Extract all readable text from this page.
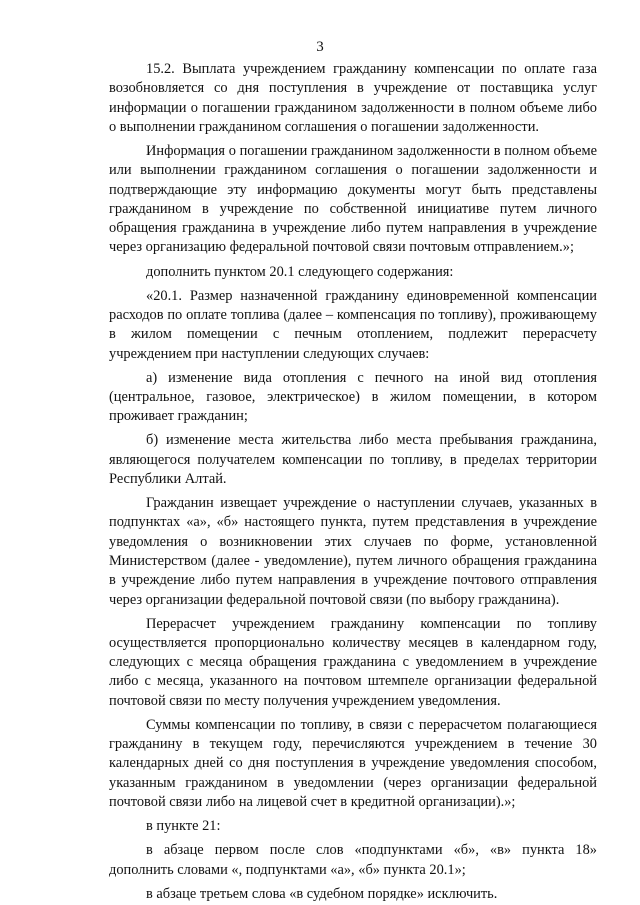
3

15.2. Выплата учреждением гражданину компенсации по оплате газа возобновляется со дня поступления в учреждение от поставщика услуг информации о погашении гражданином задолженности в полном объеме либо о выполнении гражданином соглашения о погашении задолженности.

Информация о погашении гражданином задолженности в полном объеме или выполнении гражданином соглашения о погашении задолженности и подтверждающие эту информацию документы могут быть представлены гражданином в учреждение по собственной инициативе путем личного обращения гражданина в учреждение либо путем направления в учреждение через организацию федеральной почтовой связи почтовым отправлением.»;

дополнить пунктом 20.1 следующего содержания:

«20.1. Размер назначенной гражданину единовременной компенсации расходов по оплате топлива (далее – компенсация по топливу), проживающему в жилом помещении с печным отоплением, подлежит перерасчету учреждением при наступлении следующих случаев:

а) изменение вида отопления с печного на иной вид отопления (центральное, газовое, электрическое) в жилом помещении, в котором проживает гражданин;

б) изменение места жительства либо места пребывания гражданина, являющегося получателем компенсации по топливу, в пределах территории Республики Алтай.

Гражданин извещает учреждение о наступлении случаев, указанных в подпунктах «а», «б» настоящего пункта, путем представления в учреждение уведомления о возникновении этих случаев по форме, установленной Министерством (далее - уведомление), путем личного обращения гражданина в учреждение либо путем направления в учреждение почтового отправления через организации федеральной почтовой связи (по выбору гражданина).

Перерасчет учреждением гражданину компенсации по топливу осуществляется пропорционально количеству месяцев в календарном году, следующих с месяца обращения гражданина с уведомлением в учреждение либо с месяца, указанного на почтовом штемпеле организации федеральной почтовой связи по месту получения учреждением уведомления.

Суммы компенсации по топливу, в связи с перерасчетом полагающиеся гражданину в текущем году, перечисляются учреждением в течение 30 календарных дней со дня поступления в учреждение уведомления способом, указанным гражданином в уведомлении (через организации федеральной почтовой связи либо на лицевой счет в кредитной организации).»;

в пункте 21:

в абзаце первом после слов «подпунктами «б», «в» пункта 18» дополнить словами «, подпунктами «а», «б» пункта 20.1»;

в абзаце третьем слова «в судебном порядке» исключить.
